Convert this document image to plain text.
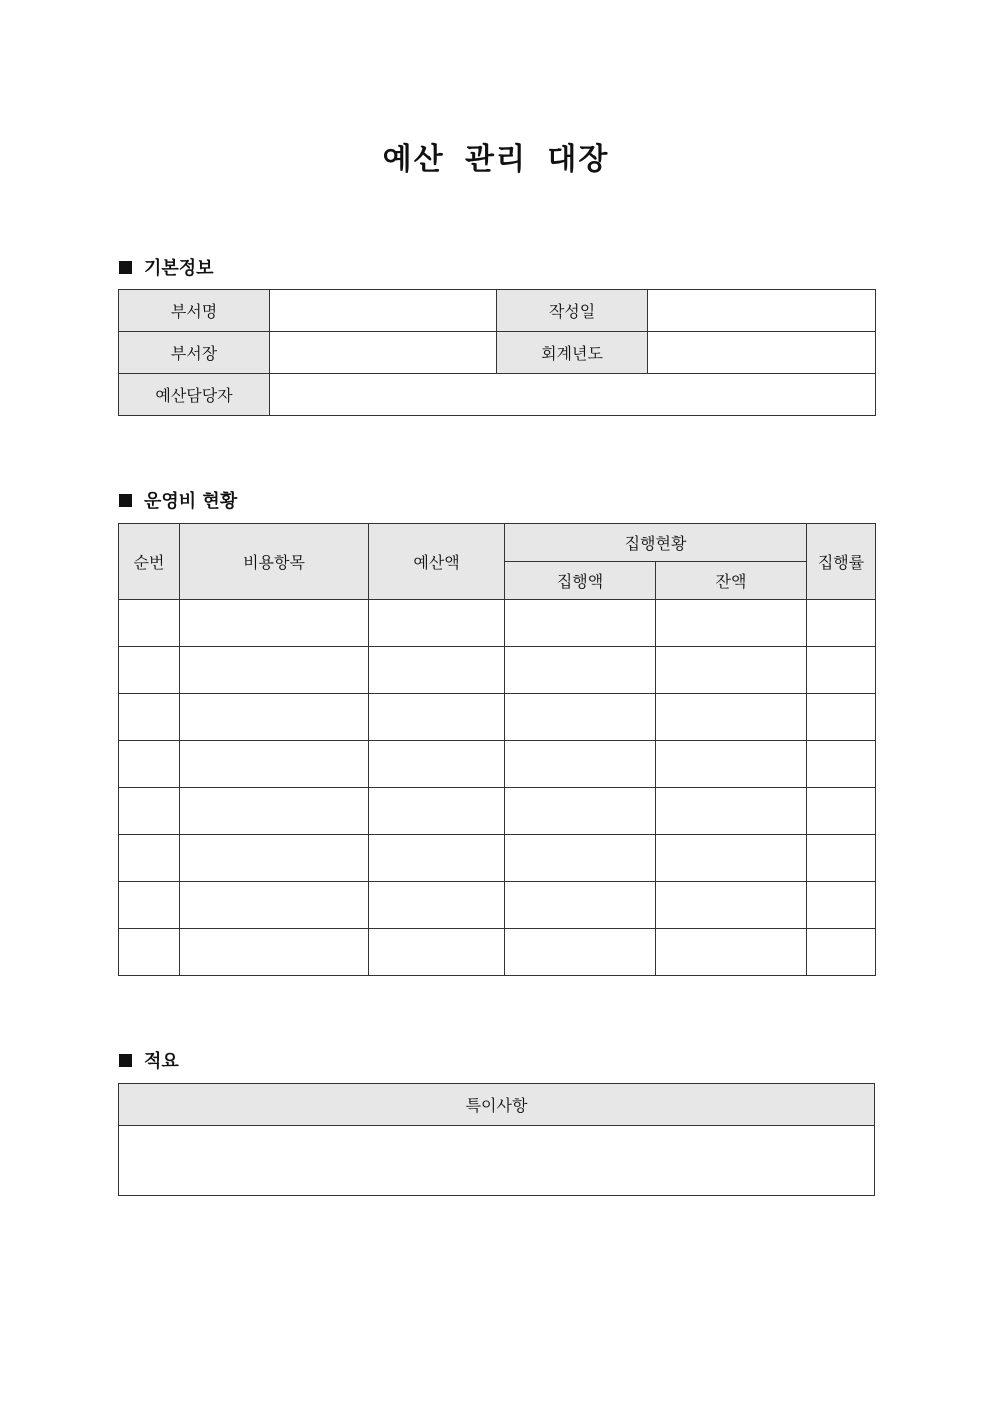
예산 관리 대장
기본정보
부서명		작성일	
부서장		회계년도	
예산담당자			
운영비 현황
순번	비용항목	예산액	집행현황		집행률
			집행액	잔액	

적요
특이사항
